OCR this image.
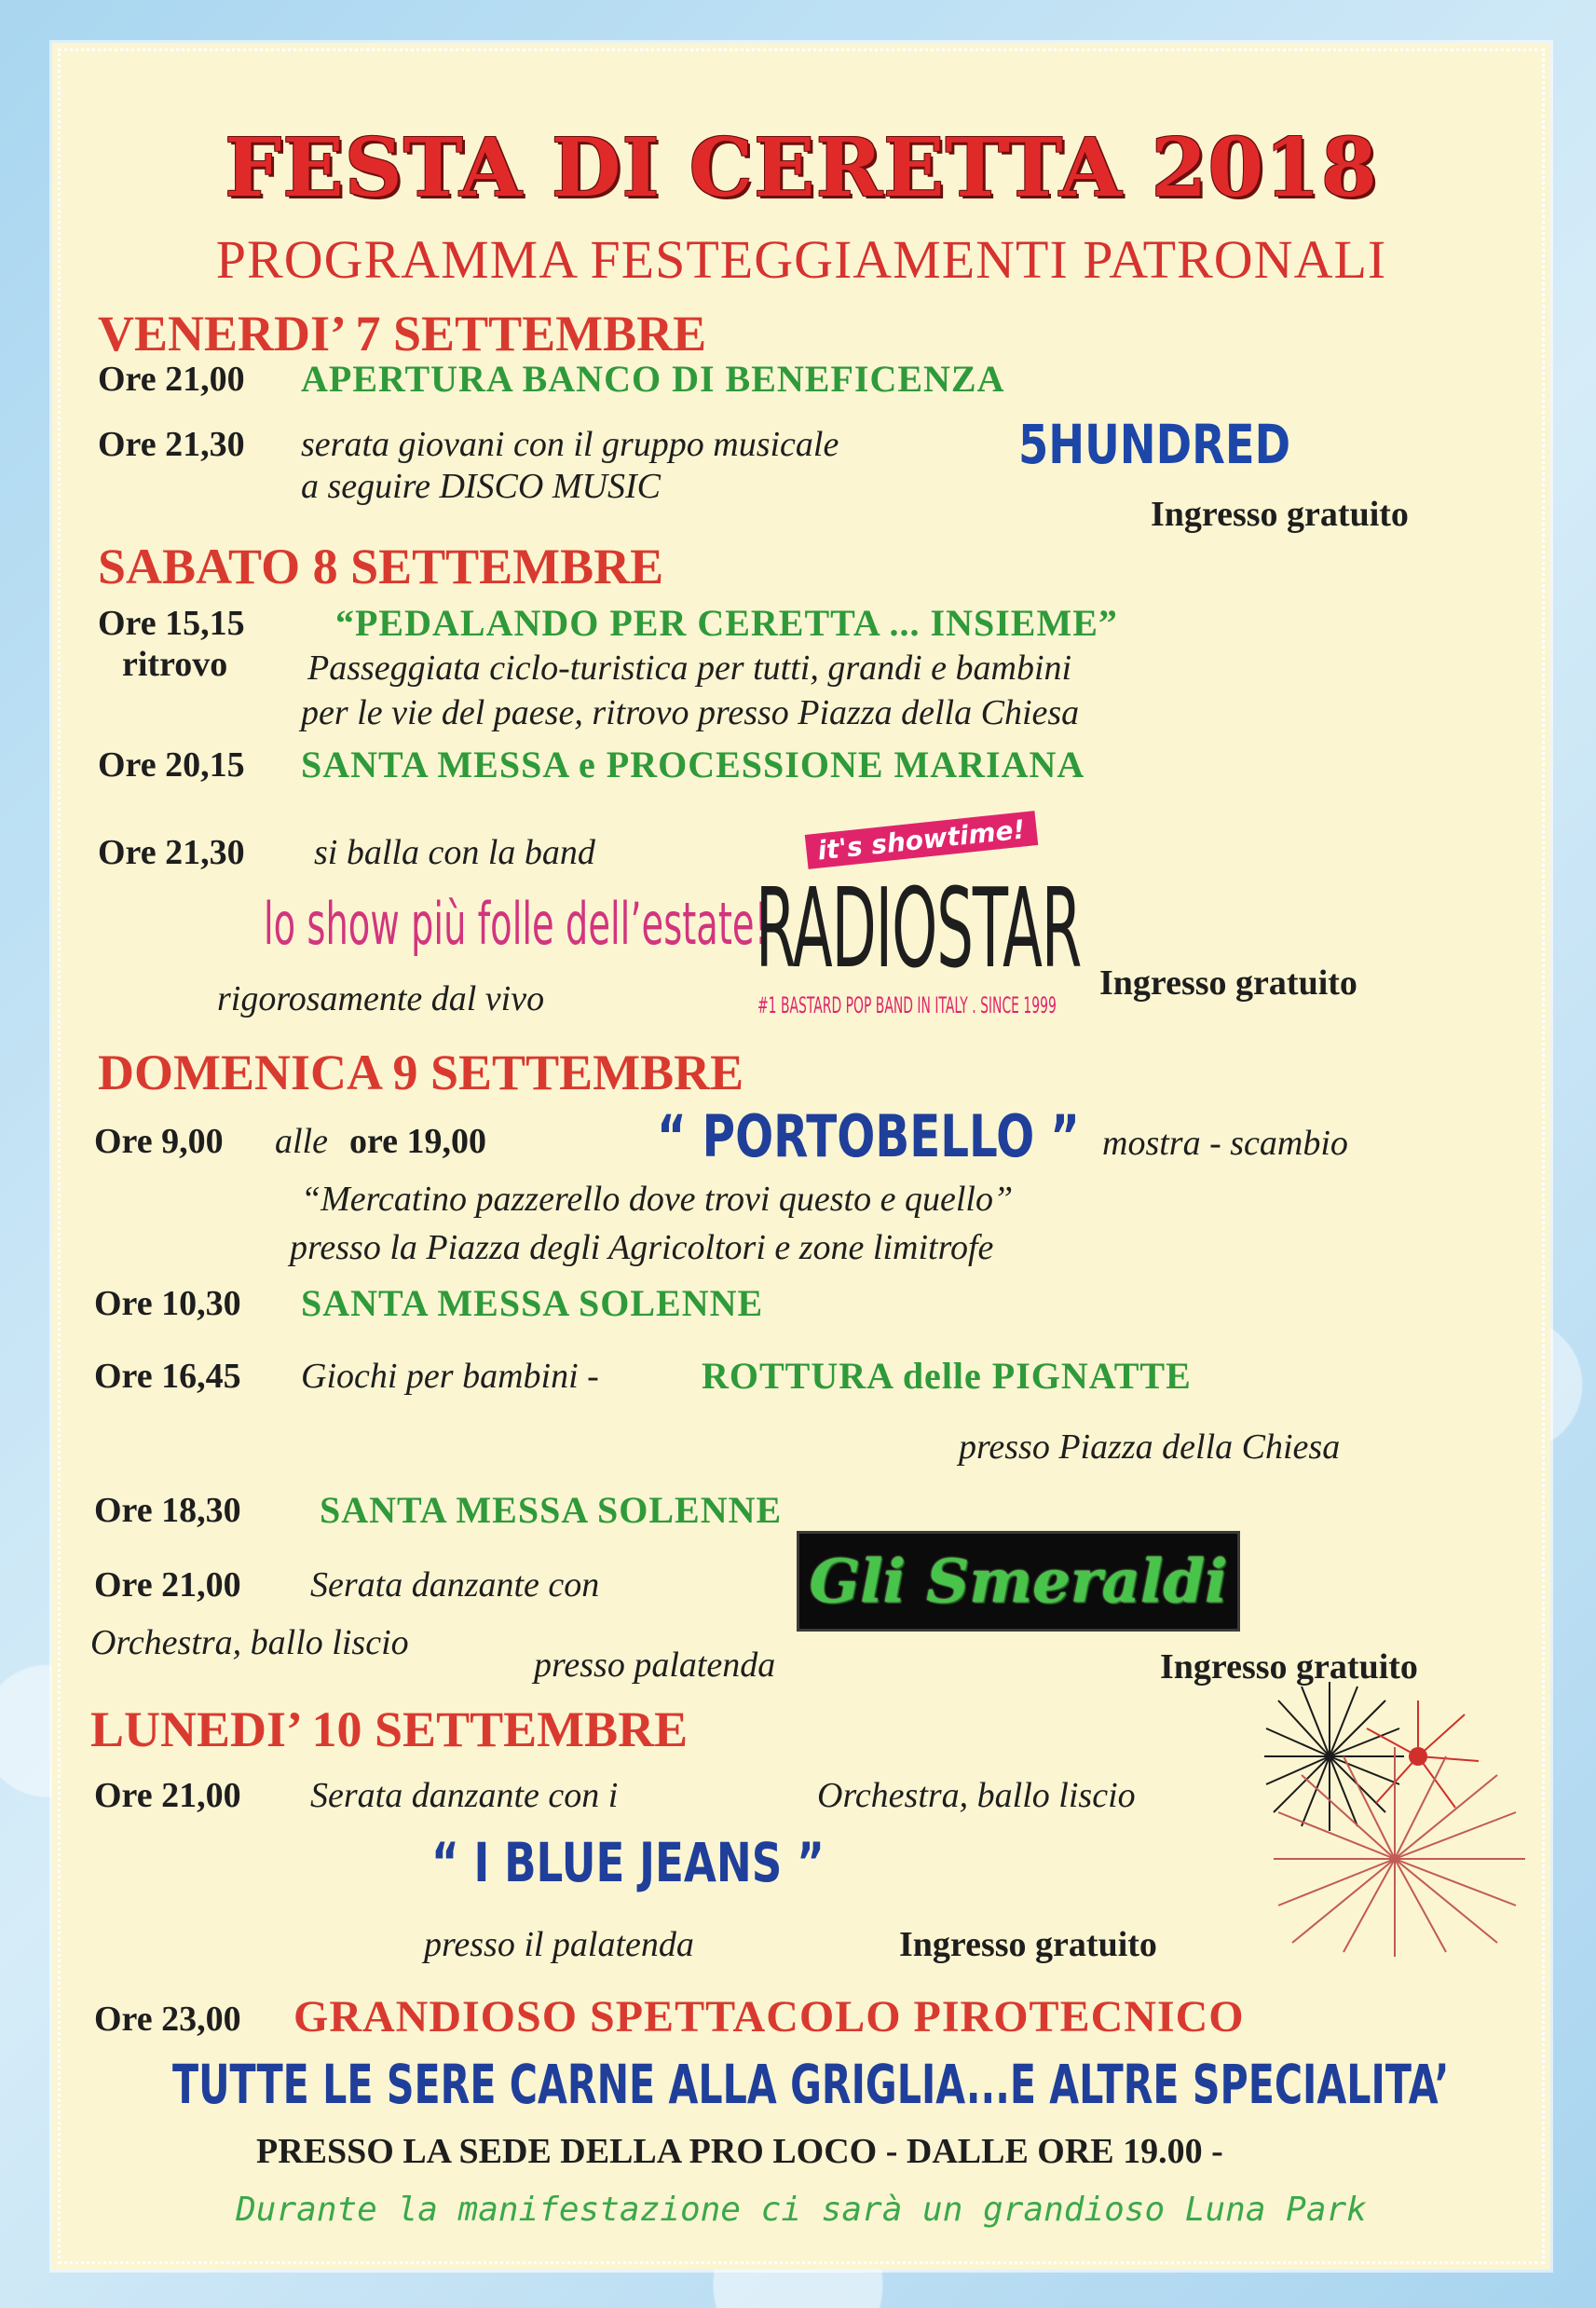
FESTA DI CERETTA 2018
PROGRAMMA FESTEGGIAMENTI PATRONALI
VENERDI’ 7 SETTEMBRE
Ore 21,00 APERTURA BANCO DI BENEFICENZA
Ore 21,30 serata giovani con il gruppo musicale
a seguire DISCO MUSIC
5HUNDRED
Ingresso gratuito
SABATO 8 SETTEMBRE
Ore 15,15
ritrovo
“PEDALANDO PER CERETTA ... INSIEME”
Passeggiata ciclo-turistica per tutti, grandi e bambini
per le vie del paese, ritrovo presso Piazza della Chiesa
Ore 20,15 SANTA MESSA e PROCESSIONE MARIANA
Ore 21,30 si balla con la band
lo show più folle dell’estate!
rigorosamente dal vivo
it's showtime!
RADIOSTAR
#1 BASTARD POP BAND IN ITALY . SINCE 1999
Ingresso gratuito
DOMENICA 9 SETTEMBRE
Ore 9,00 alle ore 19,00	“ PORTOBELLO ” mostra - scambio
“Mercatino pazzerello dove trovi questo e quello”
presso la Piazza degli Agricoltori e zone limitrofe
Ore 10,30 SANTA MESSA SOLENNE
Ore 16,45 Giochi per bambini -	ROTTURA delle PIGNATTE
presso Piazza della Chiesa
Ore 18,30 SANTA MESSA SOLENNE
Ore 21,00 Serata danzante con
Orchestra, ballo liscio
presso palatenda
Gli Smeraldi
Ingresso gratuito
LUNEDI’ 10 SETTEMBRE
Ore 21,00 Serata danzante con i	Orchestra, ballo liscio
“ I BLUE JEANS ”
presso il palatenda	Ingresso gratuito
Ore 23,00 GRANDIOSO SPETTACOLO PIROTECNICO
TUTTE LE SERE CARNE ALLA GRIGLIA...E ALTRE SPECIALITA’
PRESSO LA SEDE DELLA PRO LOCO - DALLE ORE 19.00 -
Durante la manifestazione ci sarà un grandioso Luna Park
